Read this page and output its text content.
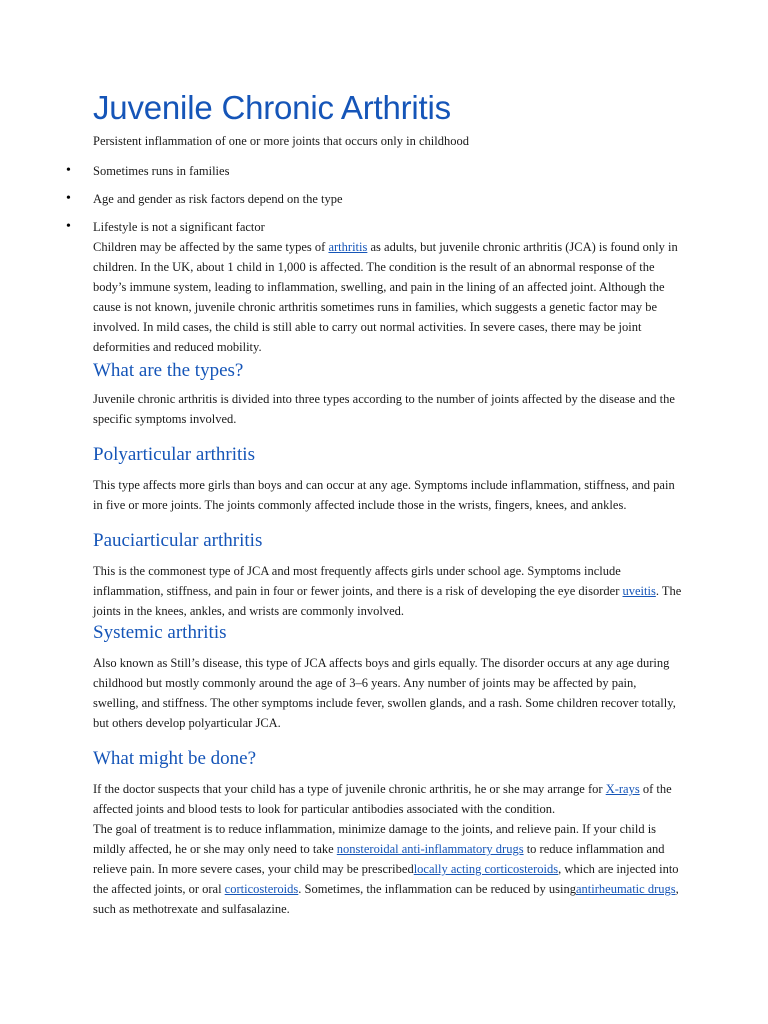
Juvenile Chronic Arthritis

Persistent inflammation of one or more joints that occurs only in childhood

• Sometimes runs in families
• Age and gender as risk factors depend on the type
• Lifestyle is not a significant factor

Children may be affected by the same types of arthritis as adults, but juvenile chronic arthritis (JCA) is found only in children. In the UK, about 1 child in 1,000 is affected. The condition is the result of an abnormal response of the body’s immune system, leading to inflammation, swelling, and pain in the lining of an affected joint. Although the cause is not known, juvenile chronic arthritis sometimes runs in families, which suggests a genetic factor may be involved. In mild cases, the child is still able to carry out normal activities. In severe cases, there may be joint deformities and reduced mobility.

What are the types?

Juvenile chronic arthritis is divided into three types according to the number of joints affected by the disease and the specific symptoms involved.

Polyarticular arthritis

This type affects more girls than boys and can occur at any age. Symptoms include inflammation, stiffness, and pain in five or more joints. The joints commonly affected include those in the wrists, fingers, knees, and ankles.

Pauciarticular arthritis

This is the commonest type of JCA and most frequently affects girls under school age. Symptoms include inflammation, stiffness, and pain in four or fewer joints, and there is a risk of developing the eye disorder uveitis. The joints in the knees, ankles, and wrists are commonly involved.

Systemic arthritis

Also known as Still’s disease, this type of JCA affects boys and girls equally. The disorder occurs at any age during childhood but mostly commonly around the age of 3–6 years. Any number of joints may be affected by pain, swelling, and stiffness. The other symptoms include fever, swollen glands, and a rash. Some children recover totally, but others develop polyarticular JCA.

What might be done?

If the doctor suspects that your child has a type of juvenile chronic arthritis, he or she may arrange for X-rays of the affected joints and blood tests to look for particular antibodies associated with the condition.

The goal of treatment is to reduce inflammation, minimize damage to the joints, and relieve pain. If your child is mildly affected, he or she may only need to take nonsteroidal anti-inflammatory drugs to reduce inflammation and relieve pain. In more severe cases, your child may be prescribedlocally acting corticosteroids, which are injected into the affected joints, or oral corticosteroids. Sometimes, the inflammation can be reduced by usingantirheumatic drugs, such as methotrexate and sulfasalazine.
